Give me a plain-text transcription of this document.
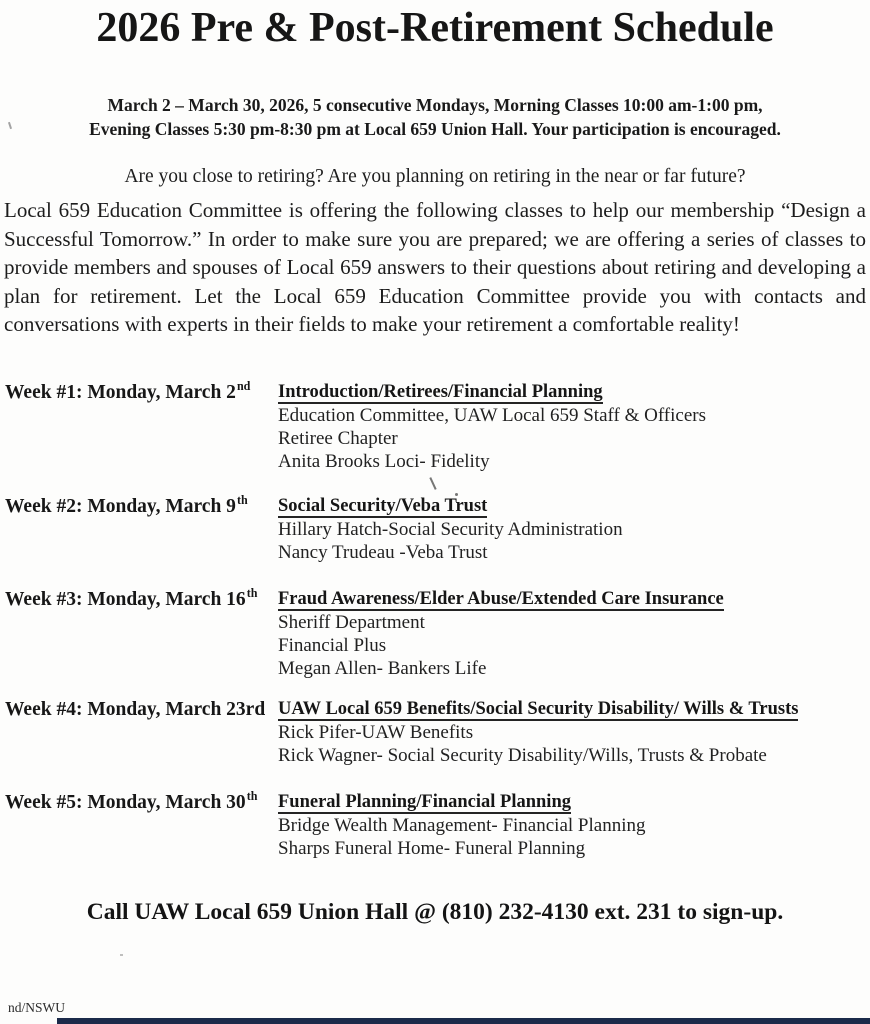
2026 Pre & Post-Retirement Schedule

March 2 – March 30, 2026, 5 consecutive Mondays, Morning Classes 10:00 am-1:00 pm,
Evening Classes 5:30 pm-8:30 pm at Local 659 Union Hall. Your participation is encouraged.

Are you close to retiring? Are you planning on retiring in the near or far future?

Local 659 Education Committee is offering the following classes to help our membership “Design a Successful Tomorrow.” In order to make sure you are prepared; we are offering a series of classes to provide members and spouses of Local 659 answers to their questions about retiring and developing a plan for retirement. Let the Local 659 Education Committee provide you with contacts and conversations with experts in their fields to make your retirement a comfortable reality!

Week #1: Monday, March 2nd	Introduction/Retirees/Financial Planning
Education Committee, UAW Local 659 Staff & Officers
Retiree Chapter
Anita Brooks Loci- Fidelity
Week #2: Monday, March 9th	Social Security/Veba Trust
Hillary Hatch-Social Security Administration
Nancy Trudeau -Veba Trust
Week #3: Monday, March 16th	Fraud Awareness/Elder Abuse/Extended Care Insurance
Sheriff Department
Financial Plus
Megan Allen- Bankers Life
Week #4: Monday, March 23rd UAW Local 659 Benefits/Social Security Disability/ Wills & Trusts
Rick Pifer-UAW Benefits
Rick Wagner- Social Security Disability/Wills, Trusts & Probate
Week #5: Monday, March 30th	Funeral Planning/Financial Planning
Bridge Wealth Management- Financial Planning
Sharps Funeral Home- Funeral Planning

Call UAW Local 659 Union Hall @ (810) 232-4130 ext. 231 to sign-up.

nd/NSWU
